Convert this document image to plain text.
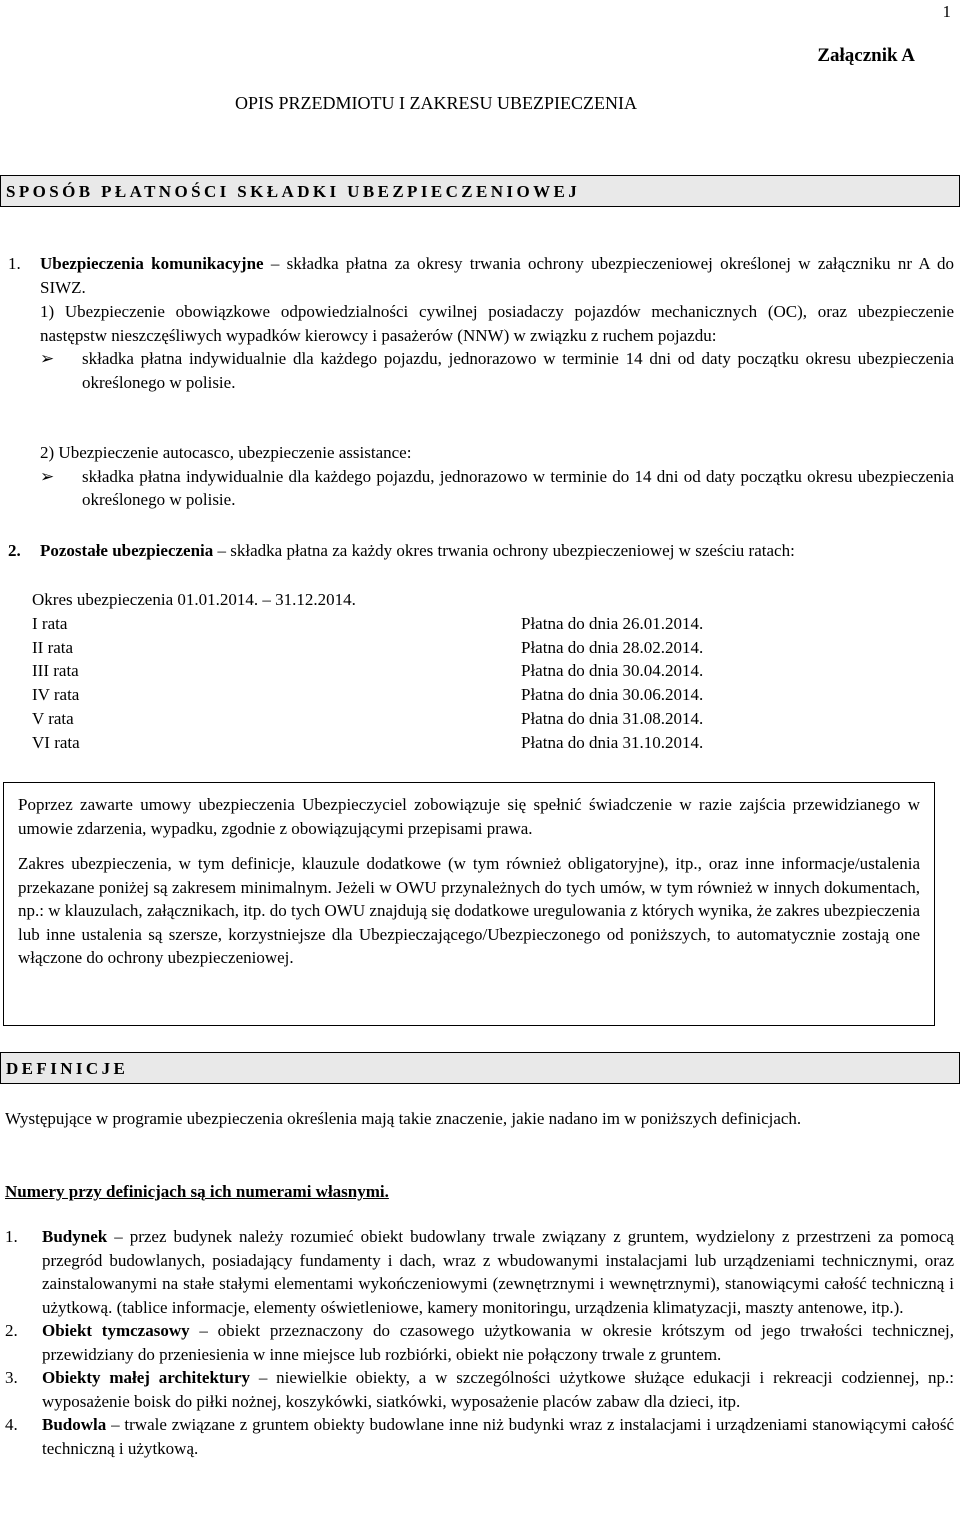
1
Załącznik A
OPIS PRZEDMIOTU I ZAKRESU UBEZPIECZENIA
SPOSÓB PŁATNOŚCI SKŁADKI UBEZPIECZENIOWEJ
1.	Ubezpieczenia komunikacyjne – składka płatna za okresy trwania ochrony ubezpieczeniowej określonej w załączniku nr A do SIWZ.
1) Ubezpieczenie obowiązkowe odpowiedzialności cywilnej posiadaczy pojazdów mechanicznych (OC), oraz ubezpieczenie następstw nieszczęśliwych wypadków kierowcy i pasażerów (NNW) w związku z ruchem pojazdu:
➢ składka płatna indywidualnie dla każdego pojazdu, jednorazowo w terminie 14 dni od daty początku okresu ubezpieczenia określonego w polisie.
2) Ubezpieczenie autocasco, ubezpieczenie assistance:
➢ składka płatna indywidualnie dla każdego pojazdu, jednorazowo w terminie do 14 dni od daty początku okresu ubezpieczenia określonego w polisie.
2.	Pozostałe ubezpieczenia – składka płatna za każdy okres trwania ochrony ubezpieczeniowej w sześciu ratach:
Okres ubezpieczenia 01.01.2014. – 31.12.2014.
I rata	Płatna do dnia 26.01.2014.
II rata	Płatna do dnia 28.02.2014.
III rata	Płatna do dnia 30.04.2014.
IV rata	Płatna do dnia 30.06.2014.
V rata	Płatna do dnia 31.08.2014.
VI rata	Płatna do dnia 31.10.2014.

Poprzez zawarte umowy ubezpieczenia Ubezpieczyciel zobowiązuje się spełnić świadczenie w razie zajścia przewidzianego w umowie zdarzenia, wypadku, zgodnie z obowiązującymi przepisami prawa.

Zakres ubezpieczenia, w tym definicje, klauzule dodatkowe (w tym również obligatoryjne), itp., oraz inne informacje/ustalenia przekazane poniżej są zakresem minimalnym. Jeżeli w OWU przynależnych do tych umów, w tym również w innych dokumentach, np.: w klauzulach, załącznikach, itp. do tych OWU znajdują się dodatkowe uregulowania z których wynika, że zakres ubezpieczenia lub inne ustalenia są szersze, korzystniejsze dla Ubezpieczającego/Ubezpieczonego od poniższych, to automatycznie zostają one włączone do ochrony ubezpieczeniowej.

DEFINICJE
Występujące w programie ubezpieczenia określenia mają takie znaczenie, jakie nadano im w poniższych definicjach.
Numery przy definicjach są ich numerami własnymi.
1. Budynek – przez budynek należy rozumieć obiekt budowlany trwale związany z gruntem, wydzielony z przestrzeni za pomocą przegród budowlanych, posiadający fundamenty i dach, wraz z wbudowanymi instalacjami lub urządzeniami technicznymi, oraz zainstalowanymi na stałe stałymi elementami wykończeniowymi (zewnętrznymi i wewnętrznymi), stanowiącymi całość techniczną i użytkową. (tablice informacje, elementy oświetleniowe, kamery monitoringu, urządzenia klimatyzacji, maszty antenowe, itp.).
2. Obiekt tymczasowy – obiekt przeznaczony do czasowego użytkowania w okresie krótszym od jego trwałości technicznej, przewidziany do przeniesienia w inne miejsce lub rozbiórki, obiekt nie połączony trwale z gruntem.
3. Obiekty małej architektury – niewielkie obiekty, a w szczególności użytkowe służące edukacji i rekreacji codziennej, np.: wyposażenie boisk do piłki nożnej, koszykówki, siatkówki, wyposażenie placów zabaw dla dzieci, itp.
4. Budowla – trwale związane z gruntem obiekty budowlane inne niż budynki wraz z instalacjami i urządzeniami stanowiącymi całość techniczną i użytkową.
